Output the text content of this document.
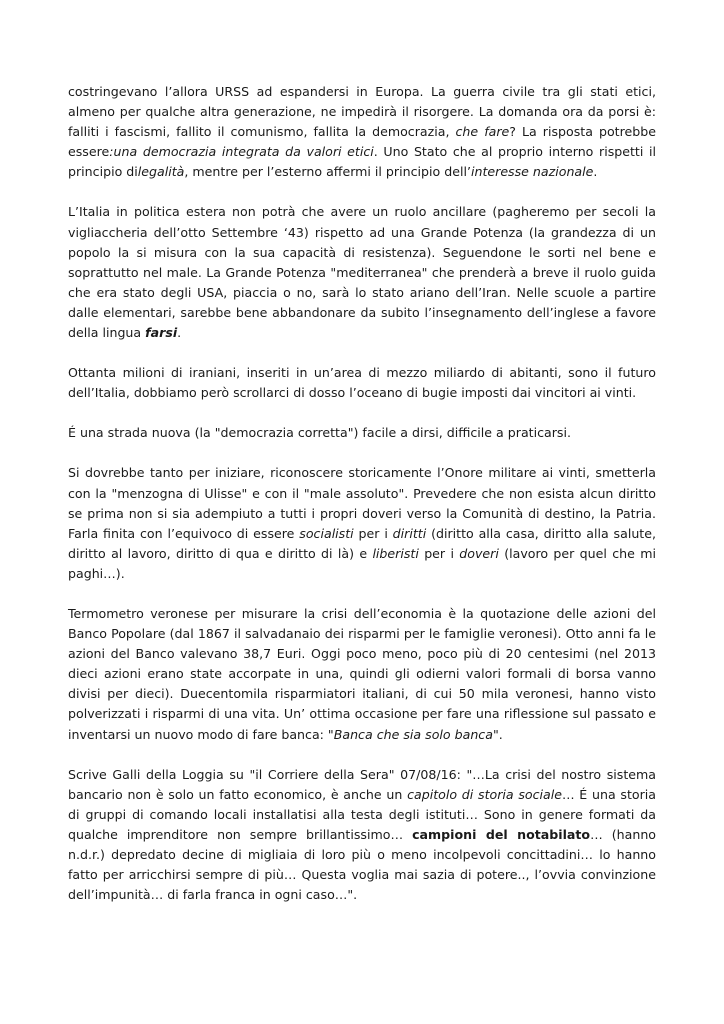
costringevano l’allora URSS ad espandersi in Europa. La guerra civile tra gli stati etici, almeno per qualche altra generazione, ne impedirà il risorgere. La domanda ora da porsi è: falliti i fascismi, fallito il comunismo, fallita la democrazia, che fare? La risposta potrebbe essere:una democrazia integrata da valori etici. Uno Stato che al proprio interno rispetti il principio dilegalità, mentre per l’esterno affermi il principio dell’interesse nazionale.

L’Italia in politica estera non potrà che avere un ruolo ancillare (pagheremo per secoli la vigliaccheria dell’otto Settembre ‘43) rispetto ad una Grande Potenza (la grandezza di un popolo la si misura con la sua capacità di resistenza). Seguendone le sorti nel bene e soprattutto nel male. La Grande Potenza "mediterranea" che prenderà a breve il ruolo guida che era stato degli USA, piaccia o no, sarà lo stato ariano dell’Iran. Nelle scuole a partire dalle elementari, sarebbe bene abbandonare da subito l’insegnamento dell’inglese a favore della lingua farsi.

Ottanta milioni di iraniani, inseriti in un’area di mezzo miliardo di abitanti, sono il futuro dell’Italia, dobbiamo però scrollarci di dosso l’oceano di bugie imposti dai vincitori ai vinti.

É una strada nuova (la "democrazia corretta") facile a dirsi, difficile a praticarsi.

Si dovrebbe tanto per iniziare, riconoscere storicamente l’Onore militare ai vinti, smetterla con la "menzogna di Ulisse" e con il "male assoluto". Prevedere che non esista alcun diritto se prima non si sia adempiuto a tutti i propri doveri verso la Comunità di destino, la Patria. Farla finita con l’equivoco di essere socialisti per i diritti (diritto alla casa, diritto alla salute, diritto al lavoro, diritto di qua e diritto di là) e liberisti per i doveri (lavoro per quel che mi paghi…).

Termometro veronese per misurare la crisi dell’economia è la quotazione delle azioni del Banco Popolare (dal 1867 il salvadanaio dei risparmi per le famiglie veronesi). Otto anni fa le azioni del Banco valevano 38,7 Euri. Oggi poco meno, poco più di 20 centesimi (nel 2013 dieci azioni erano state accorpate in una, quindi gli odierni valori formali di borsa vanno divisi per dieci). Duecentomila risparmiatori italiani, di cui 50 mila veronesi, hanno visto polverizzati i risparmi di una vita. Un’ ottima occasione per fare una riflessione sul passato e inventarsi un nuovo modo di fare banca: "Banca che sia solo banca".

Scrive Galli della Loggia su "il Corriere della Sera" 07/08/16: "…La crisi del nostro sistema bancario non è solo un fatto economico, è anche un capitolo di storia sociale… É una storia di gruppi di comando locali installatisi alla testa degli istituti… Sono in genere formati da qualche imprenditore non sempre brillantissimo… campioni del notabilato… (hanno n.d.r.) depredato decine di migliaia di loro più o meno incolpevoli concittadini… lo hanno fatto per arricchirsi sempre di più… Questa voglia mai sazia di potere.., l’ovvia convinzione dell’impunità… di farla franca in ogni caso…".
